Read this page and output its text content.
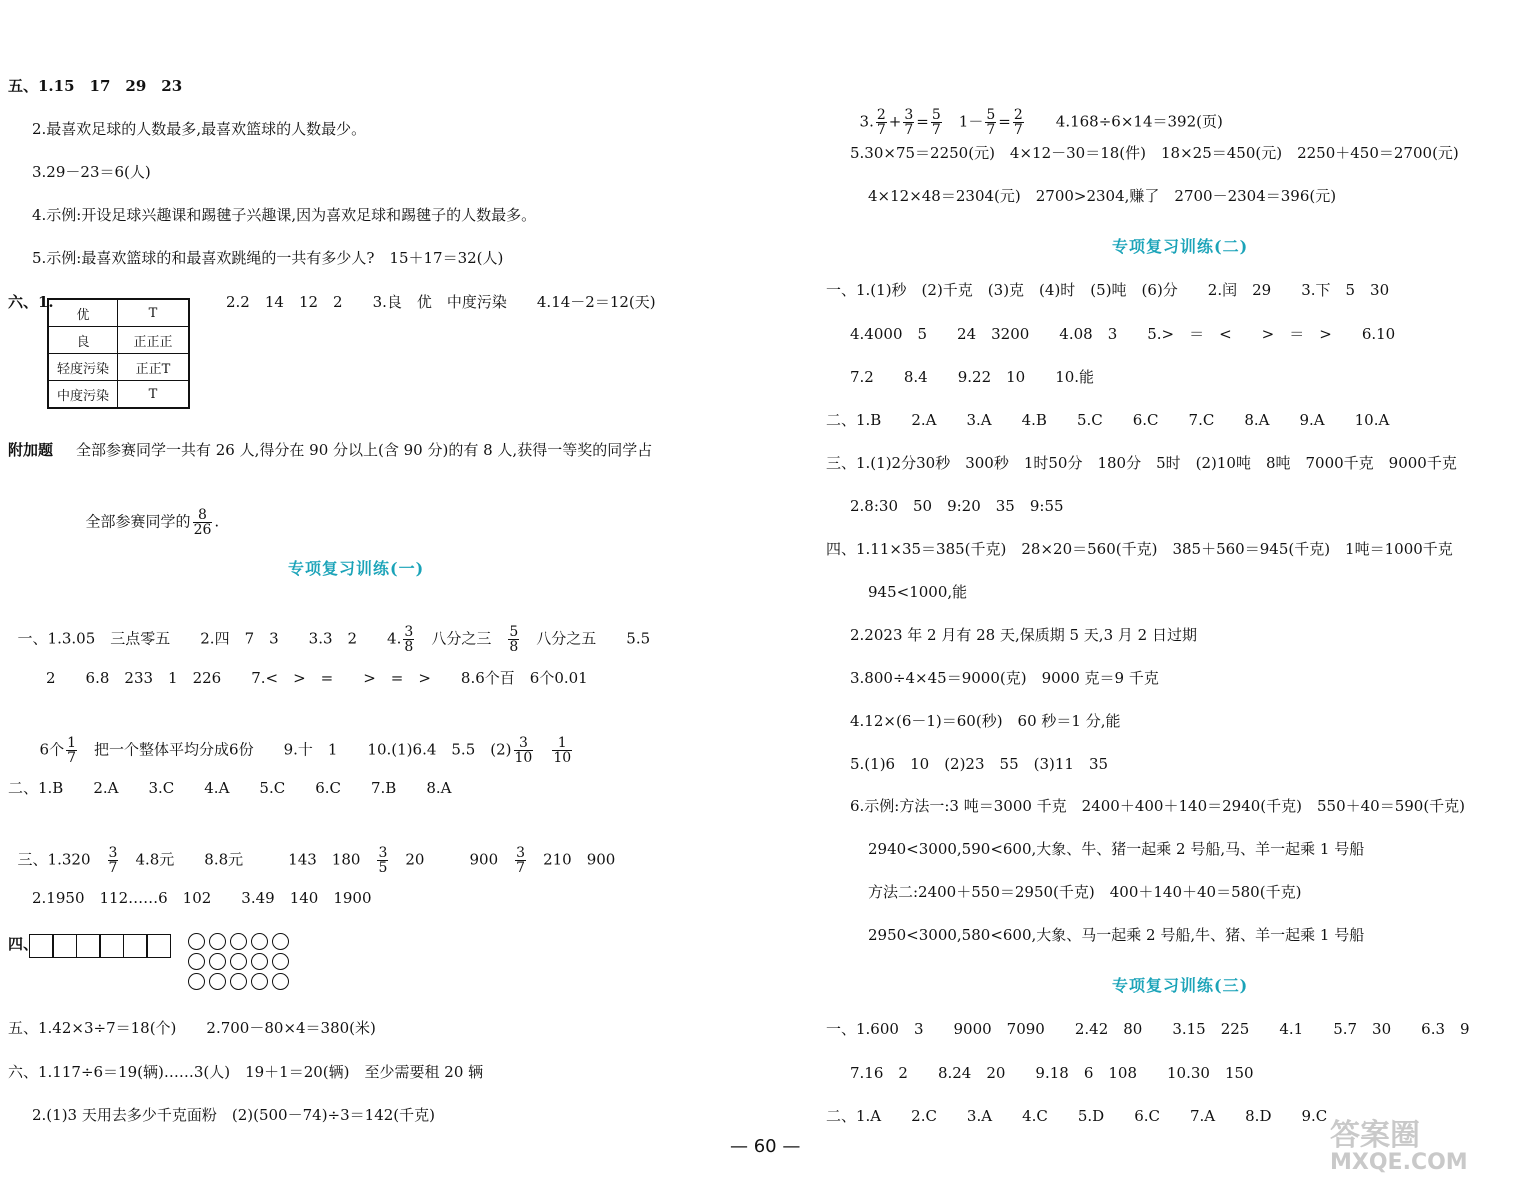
五、1.15　17　29　23
2.最喜欢足球的人数最多,最喜欢篮球的人数最少。
3.29－23＝6(人)
4.示例:开设足球兴趣课和踢毽子兴趣课,因为喜欢足球和踢毽子的人数最多。
5.示例:最喜欢篮球的和最喜欢跳绳的一共有多少人?　15＋17＝32(人)
六、1.
优	T
良	正正正
轻度污染	正正T
中度污染	T
2.2　14　12　2　　3.良　优　中度污染　　4.14－2＝12(天)
附加题 全部参赛同学一共有 26 人,得分在 90 分以上(含 90 分)的有 8 人,获得一等奖的同学占

全部参赛同学的 $\frac{8}{26}$ .

专项复习训练(一)

一、1.3.05　三点零五　　2.四　7　3　　3.3　2　　4. $\frac{3}{8}$
　 八分之三　 $\frac{5}{8}$
　 八分之五　　5.5

2　　6.8　233　1　226　　7.<　>　=　　>　=　>　　8.6个百　6个0.01

6个 $\frac{1}{7}$
　 把一个整体平均分成6份　　9.十　1　　10.(1)6.4　5.5　$(2) \frac{3}{10}$
　 $\frac{1}{10}$

二、1.B　　2.A　　3.C　　4.A　　5.C　　6.C　　7.B　　8.A

三、1.320　 $\frac{3}{7}$
　 4.8元　　8.8元　　　143　180　 $\frac{3}{5}$
　 20　　　900　 $\frac{3}{7}$
　 210　900

2.1950　112……6　102　　3.49　140　1900
四、
五、1.42×3÷7＝18(个)　　2.700－80×4＝380(米)
六、1.117÷6＝19(辆)……3(人)　19＋1＝20(辆)　至少需要租 20 辆
2.(1)3 天用去多少千克面粉　(2)(500－74)÷3＝142(千克)

3. $\frac{2}{7} + \frac{3}{7} = \frac{5}{7}$
　 $1- \frac{5}{7} = \frac{2}{7}$
　　 4.168÷6×14＝392(页)

5.30×75＝2250(元)　4×12－30＝18(件)　18×25＝450(元)　2250＋450＝2700(元)
4×12×48＝2304(元)　2700>2304,赚了　2700－2304＝396(元)
专项复习训练(二)
一、1.(1)秒　(2)千克　(3)克　(4)时　(5)吨　(6)分　　2.闰　29　　3.下　5　30
4.4000　5　　24　3200　　4.08　3　　5.>　＝　<　　>　＝　>　　6.10
7.2　　8.4　　9.22　10　　10.能
二、1.B　　2.A　　3.A　　4.B　　5.C　　6.C　　7.C　　8.A　　9.A　　10.A
三、1.(1)2分30秒　300秒　1时50分　180分　5时　(2)10吨　8吨　7000千克　9000千克
2.8:30　50　9:20　35　9:55
四、1.11×35＝385(千克)　28×20＝560(千克)　385＋560＝945(千克)　1吨＝1000千克
945<1000,能
2.2023 年 2 月有 28 天,保质期 5 天,3 月 2 日过期
3.800÷4×45＝9000(克)　9000 克＝9 千克
4.12×(6－1)＝60(秒)　60 秒＝1 分,能
5.(1)6　10　(2)23　55　(3)11　35
6.示例:方法一:3 吨＝3000 千克　2400＋400＋140＝2940(千克)　550＋40＝590(千克)
2940<3000,590<600,大象、牛、猪一起乘 2 号船,马、羊一起乘 1 号船
方法二:2400＋550＝2950(千克)　400＋140＋40＝580(千克)
2950<3000,580<600,大象、马一起乘 2 号船,牛、猪、羊一起乘 1 号船
专项复习训练(三)
一、1.600　3　　9000　7090　　2.42　80　　3.15　225　　4.1　　5.7　30　　6.3　9
7.16　2　　8.24　20　　9.18　6　108　　10.30　150
二、1.A　　2.C　　3.A　　4.C　　5.D　　6.C　　7.A　　8.D　　9.C
— 60 —	答案圈
MXQE.COM
